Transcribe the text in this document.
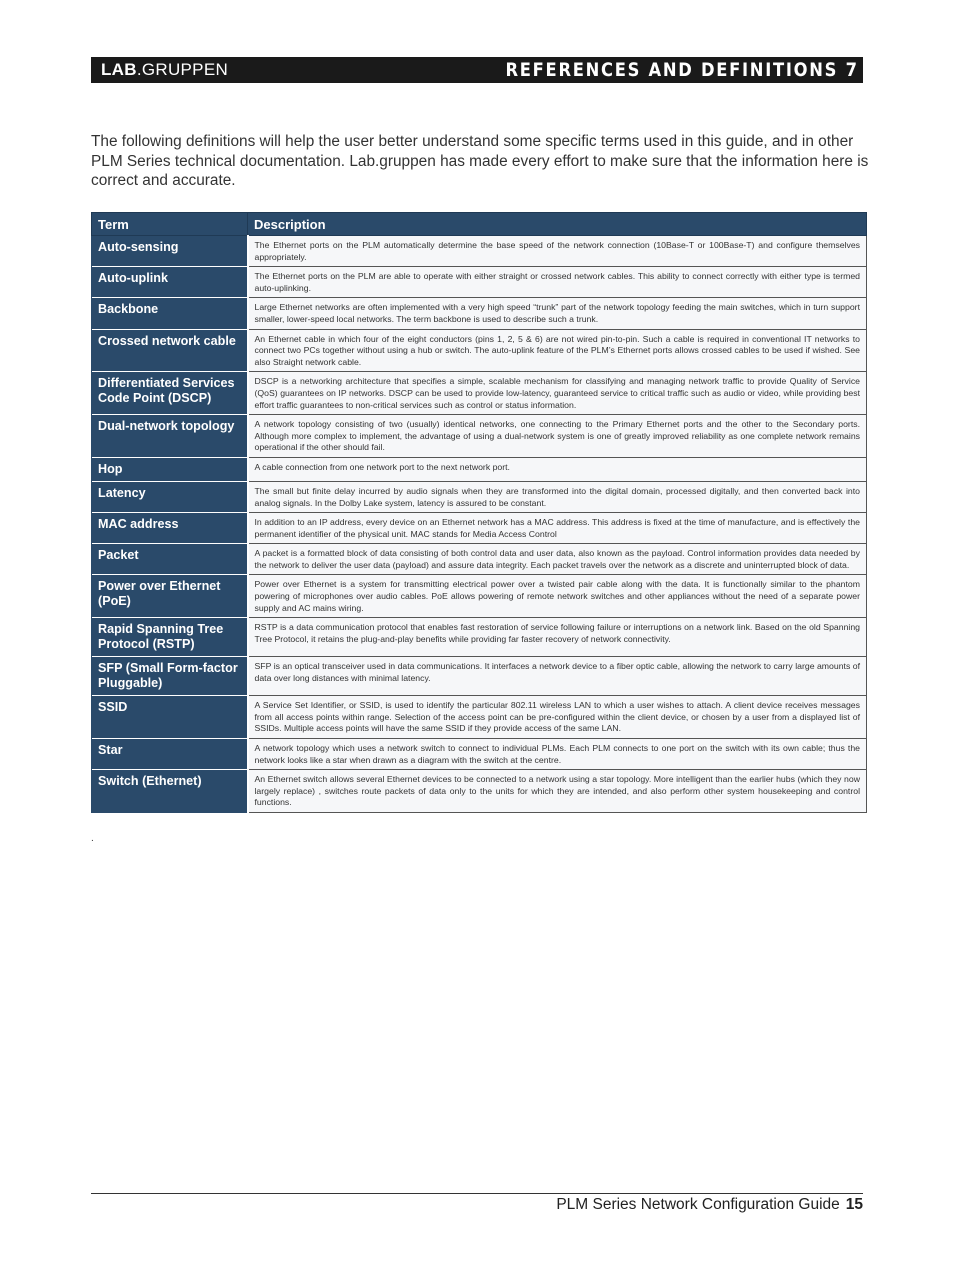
LAB.GRUPPEN	REFERENCES AND DEFINITIONS 7
The following definitions will help the user better understand some specific terms used in this guide, and in other PLM Series technical documentation. Lab.gruppen has made every effort to make sure that the information here is correct and accurate.
Term	Description
Auto-sensing	The Ethernet ports on the PLM automatically determine the base speed of the network connection (10Base-T or 100Base-T) and configure themselves appropriately.
Auto-uplink	The Ethernet ports on the PLM are able to operate with either straight or crossed network cables. This ability to connect correctly with either type is termed auto-uplinking.
Backbone	Large Ethernet networks are often implemented with a very high speed “trunk” part of the network topology feeding the main switches, which in turn support smaller, lower-speed local networks. The term backbone is used to describe such a trunk.
Crossed network cable	An Ethernet cable in which four of the eight conductors (pins 1, 2, 5 & 6) are not wired pin-to-pin. Such a cable is required in conventional IT networks to connect two PCs together without using a hub or switch. The auto-uplink feature of the PLM’s Ethernet ports allows crossed cables to be used if wished. See also Straight network cable.
Differentiated Services Code Point (DSCP)	DSCP is a networking architecture that specifies a simple, scalable mechanism for classifying and managing network traffic to provide Quality of Service (QoS) guarantees on IP networks. DSCP can be used to provide low-latency, guaranteed service to critical traffic such as audio or video, while providing best effort traffic guarantees to non-critical services such as control or status information.
Dual-network topology	A network topology consisting of two (usually) identical networks, one connecting to the Primary Ethernet ports and the other to the Secondary ports. Although more complex to implement, the advantage of using a dual-network system is one of greatly improved reliability as one complete network remains operational if the other should fail.
Hop	A cable connection from one network port to the next network port.
Latency	The small but finite delay incurred by audio signals when they are transformed into the digital domain, processed digitally, and then converted back into analog signals. In the Dolby Lake system, latency is assured to be constant.
MAC address	In addition to an IP address, every device on an Ethernet network has a MAC address. This address is fixed at the time of manufacture, and is effectively the permanent identifier of the physical unit. MAC stands for Media Access Control
Packet	A packet is a formatted block of data consisting of both control data and user data, also known as the payload. Control information provides data needed by the network to deliver the user data (payload) and assure data integrity. Each packet travels over the network as a discrete and uninterrupted block of data.
Power over Ethernet (PoE)	Power over Ethernet is a system for transmitting electrical power over a twisted pair cable along with the data. It is functionally similar to the phantom powering of microphones over audio cables. PoE allows powering of remote network switches and other appliances without the need of a separate power supply and AC mains wiring.
Rapid Spanning Tree Protocol (RSTP)	RSTP is a data communication protocol that enables fast restoration of service following failure or interruptions on a network link. Based on the old Spanning Tree Protocol, it retains the plug-and-play benefits while providing far faster recovery of network connectivity.
SFP (Small Form-factor Pluggable)	SFP is an optical transceiver used in data communications. It interfaces a network device to a fiber optic cable, allowing the network to carry large amounts of data over long distances with minimal latency.
SSID	A Service Set Identifier, or SSID, is used to identify the particular 802.11 wireless LAN to which a user wishes to attach. A client device receives messages from all access points within range. Selection of the access point can be pre-configured within the client device, or chosen by a user from a displayed list of SSIDs. Multiple access points will have the same SSID if they provide access of the same LAN.
Star	A network topology which uses a network switch to connect to individual PLMs. Each PLM connects to one port on the switch with its own cable; thus the network looks like a star when drawn as a diagram with the switch at the centre.
Switch (Ethernet)	An Ethernet switch allows several Ethernet devices to be connected to a network using a star topology. More intelligent than the earlier hubs (which they now largely replace) , switches route packets of data only to the units for which they are intended, and also perform other system housekeeping and control functions.
.
PLM Series Network Configuration Guide 15
